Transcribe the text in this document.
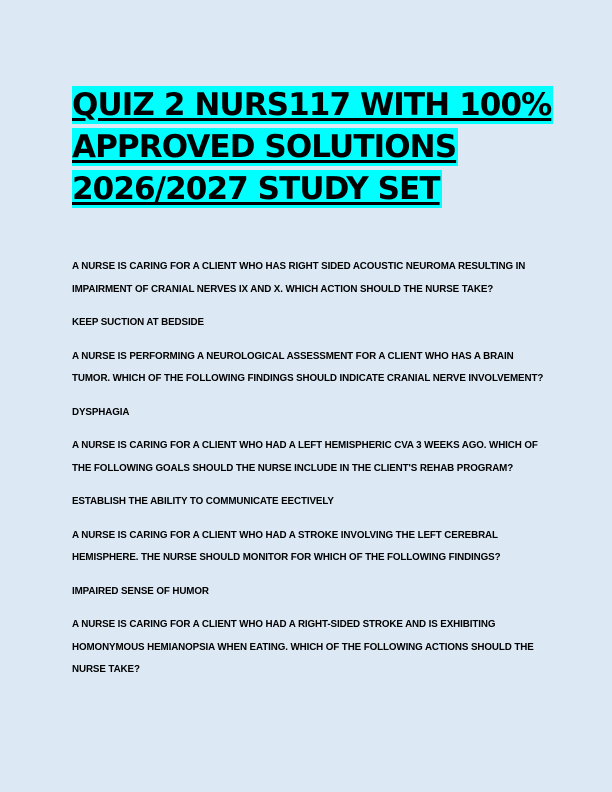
QUIZ 2 NURS117 WITH 100%
APPROVED SOLUTIONS
2026/2027 STUDY SET

A NURSE IS CARING FOR A CLIENT WHO HAS RIGHT SIDED ACOUSTIC NEUROMA RESULTING IN IMPAIRMENT OF CRANIAL NERVES IX AND X. WHICH ACTION SHOULD THE NURSE TAKE?

KEEP SUCTION AT BEDSIDE

A NURSE IS PERFORMING A NEUROLOGICAL ASSESSMENT FOR A CLIENT WHO HAS A BRAIN TUMOR. WHICH OF THE FOLLOWING FINDINGS SHOULD INDICATE CRANIAL NERVE INVOLVEMENT?

DYSPHAGIA

A NURSE IS CARING FOR A CLIENT WHO HAD A LEFT HEMISPHERIC CVA 3 WEEKS AGO. WHICH OF THE FOLLOWING GOALS SHOULD THE NURSE INCLUDE IN THE CLIENT'S REHAB PROGRAM?

ESTABLISH THE ABILITY TO COMMUNICATE EECTIVELY

A NURSE IS CARING FOR A CLIENT WHO HAD A STROKE INVOLVING THE LEFT CEREBRAL HEMISPHERE. THE NURSE SHOULD MONITOR FOR WHICH OF THE FOLLOWING FINDINGS?

IMPAIRED SENSE OF HUMOR

A NURSE IS CARING FOR A CLIENT WHO HAD A RIGHT-SIDED STROKE AND IS EXHIBITING HOMONYMOUS HEMIANOPSIA WHEN EATING. WHICH OF THE FOLLOWING ACTIONS SHOULD THE NURSE TAKE?
